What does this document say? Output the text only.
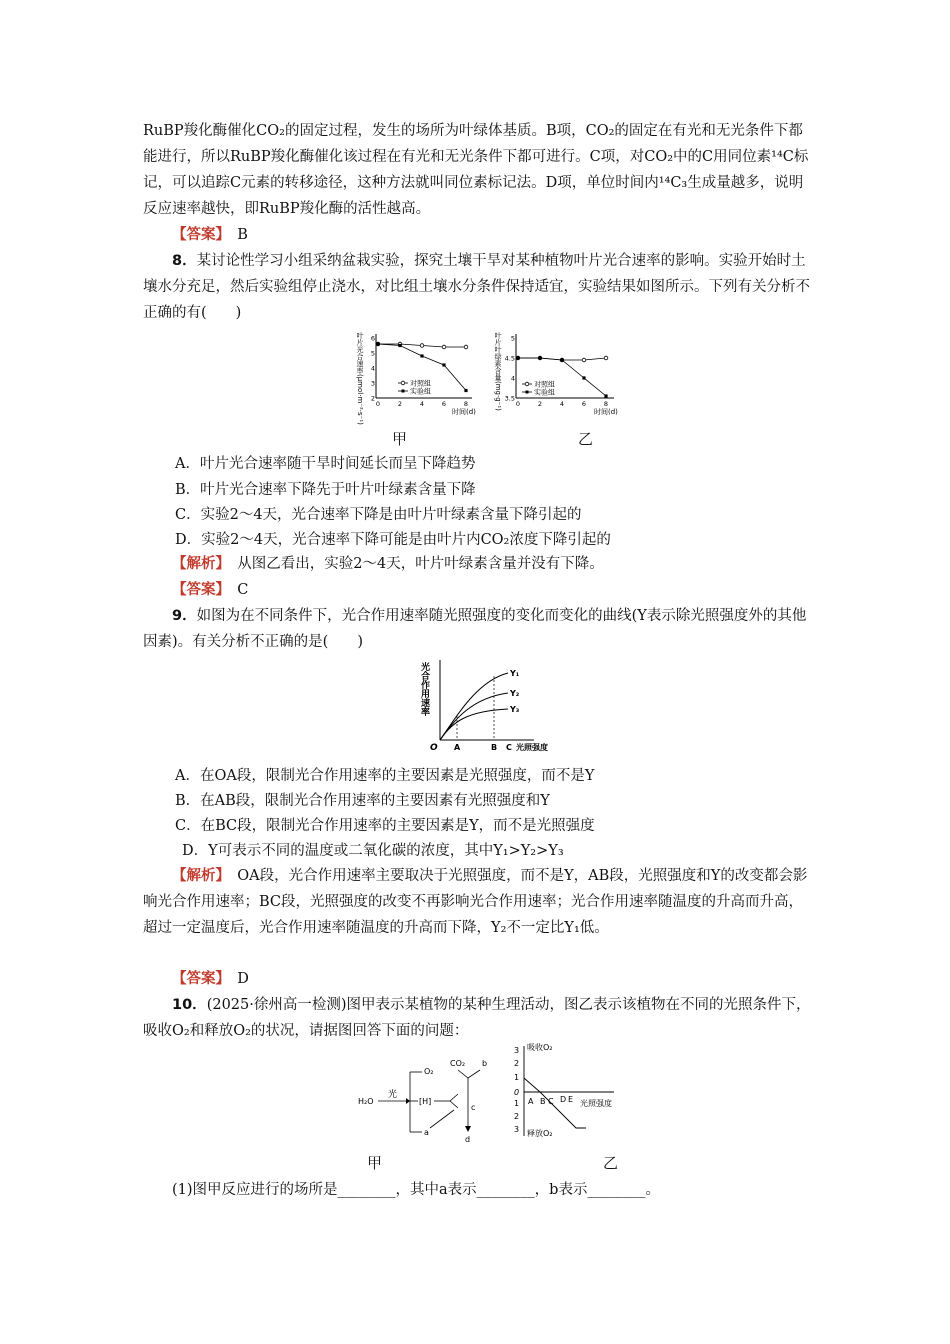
RuBP羧化酶催化CO₂的固定过程，发生的场所为叶绿体基质。B项，CO₂的固定在有光和无光条件下都能进行，所以RuBP羧化酶催化该过程在有光和无光条件下都可进行。C项，对CO₂中的C用同位素¹⁴C标记，可以追踪C元素的转移途径，这种方法就叫同位素标记法。D项，单位时间内¹⁴C₃生成量越多，说明反应速率越快，即RuBP羧化酶的活性越高。

【答案】　 B

8．某讨论性学习小组采纳盆栽实验，探究土壤干旱对某种植物叶片光合速率的影响。实验开始时土壤水分充足，然后实验组停止浇水，对比组土壤水分条件保持适宜，实验结果如图所示。下列有关分析不正确的有(　　)

叶片光合速率(μmol·m⁻²·s⁻¹) 2
3
4
5
6
0	2	4	6	8
时间(d)
对照组
实验组	叶片叶绿素含量(mg·g⁻¹) 3.5
4
4.5
5
0	2	4	6	8
时间(d)
对照组
实验组
甲	乙

A．叶片光合速率随干旱时间延长而呈下降趋势

B．叶片光合速率下降先于叶片叶绿素含量下降

C．实验2～4天，光合速率下降是由叶片叶绿素含量下降引起的

D．实验2～4天，光合速率下降可能是由叶片内CO₂浓度下降引起的

【解析】　 从图乙看出，实验2～4天，叶片叶绿素含量并没有下降。

【答案】　 C

9．如图为在不同条件下，光合作用速率随光照强度的变化而变化的曲线(Y表示除光照强度外的其他因素)。有关分析不正确的是(　　)

光合作用速率
O A	B C 光照强度
Y₁
Y₂
Y₃

A．在OA段，限制光合作用速率的主要因素是光照强度，而不是Y

B．在AB段，限制光合作用速率的主要因素有光照强度和Y

C．在BC段，限制光合作用速率的主要因素是Y，而不是光照强度

D．Y可表示不同的温度或二氧化碳的浓度，其中Y₁>Y₂>Y₃

【解析】　 OA段，光合作用速率主要取决于光照强度，而不是Y，AB段，光照强度和Y的改变都会影响光合作用速率；BC段，光照强度的改变不再影响光合作用速率；光合作用速率随温度的升高而升高，超过一定温度后，光合作用速率随温度的升高而下降，Y₂不一定比Y₁低。

【答案】　 D

10．(2025·徐州高一检测)图甲表示某植物的某种生理活动，图乙表示该植物在不同的光照条件下，吸收O₂和释放O₂的状况，请据图回答下面的问题：

H₂O
光
O₂
[H]
a
CO₂ b
c
d
吸收O₂
释放O₂
3
2
1
0
1
2
3
A B C D E 光照强度
甲	乙

(1)图甲反应进行的场所是________，其中a表示________，b表示________。
